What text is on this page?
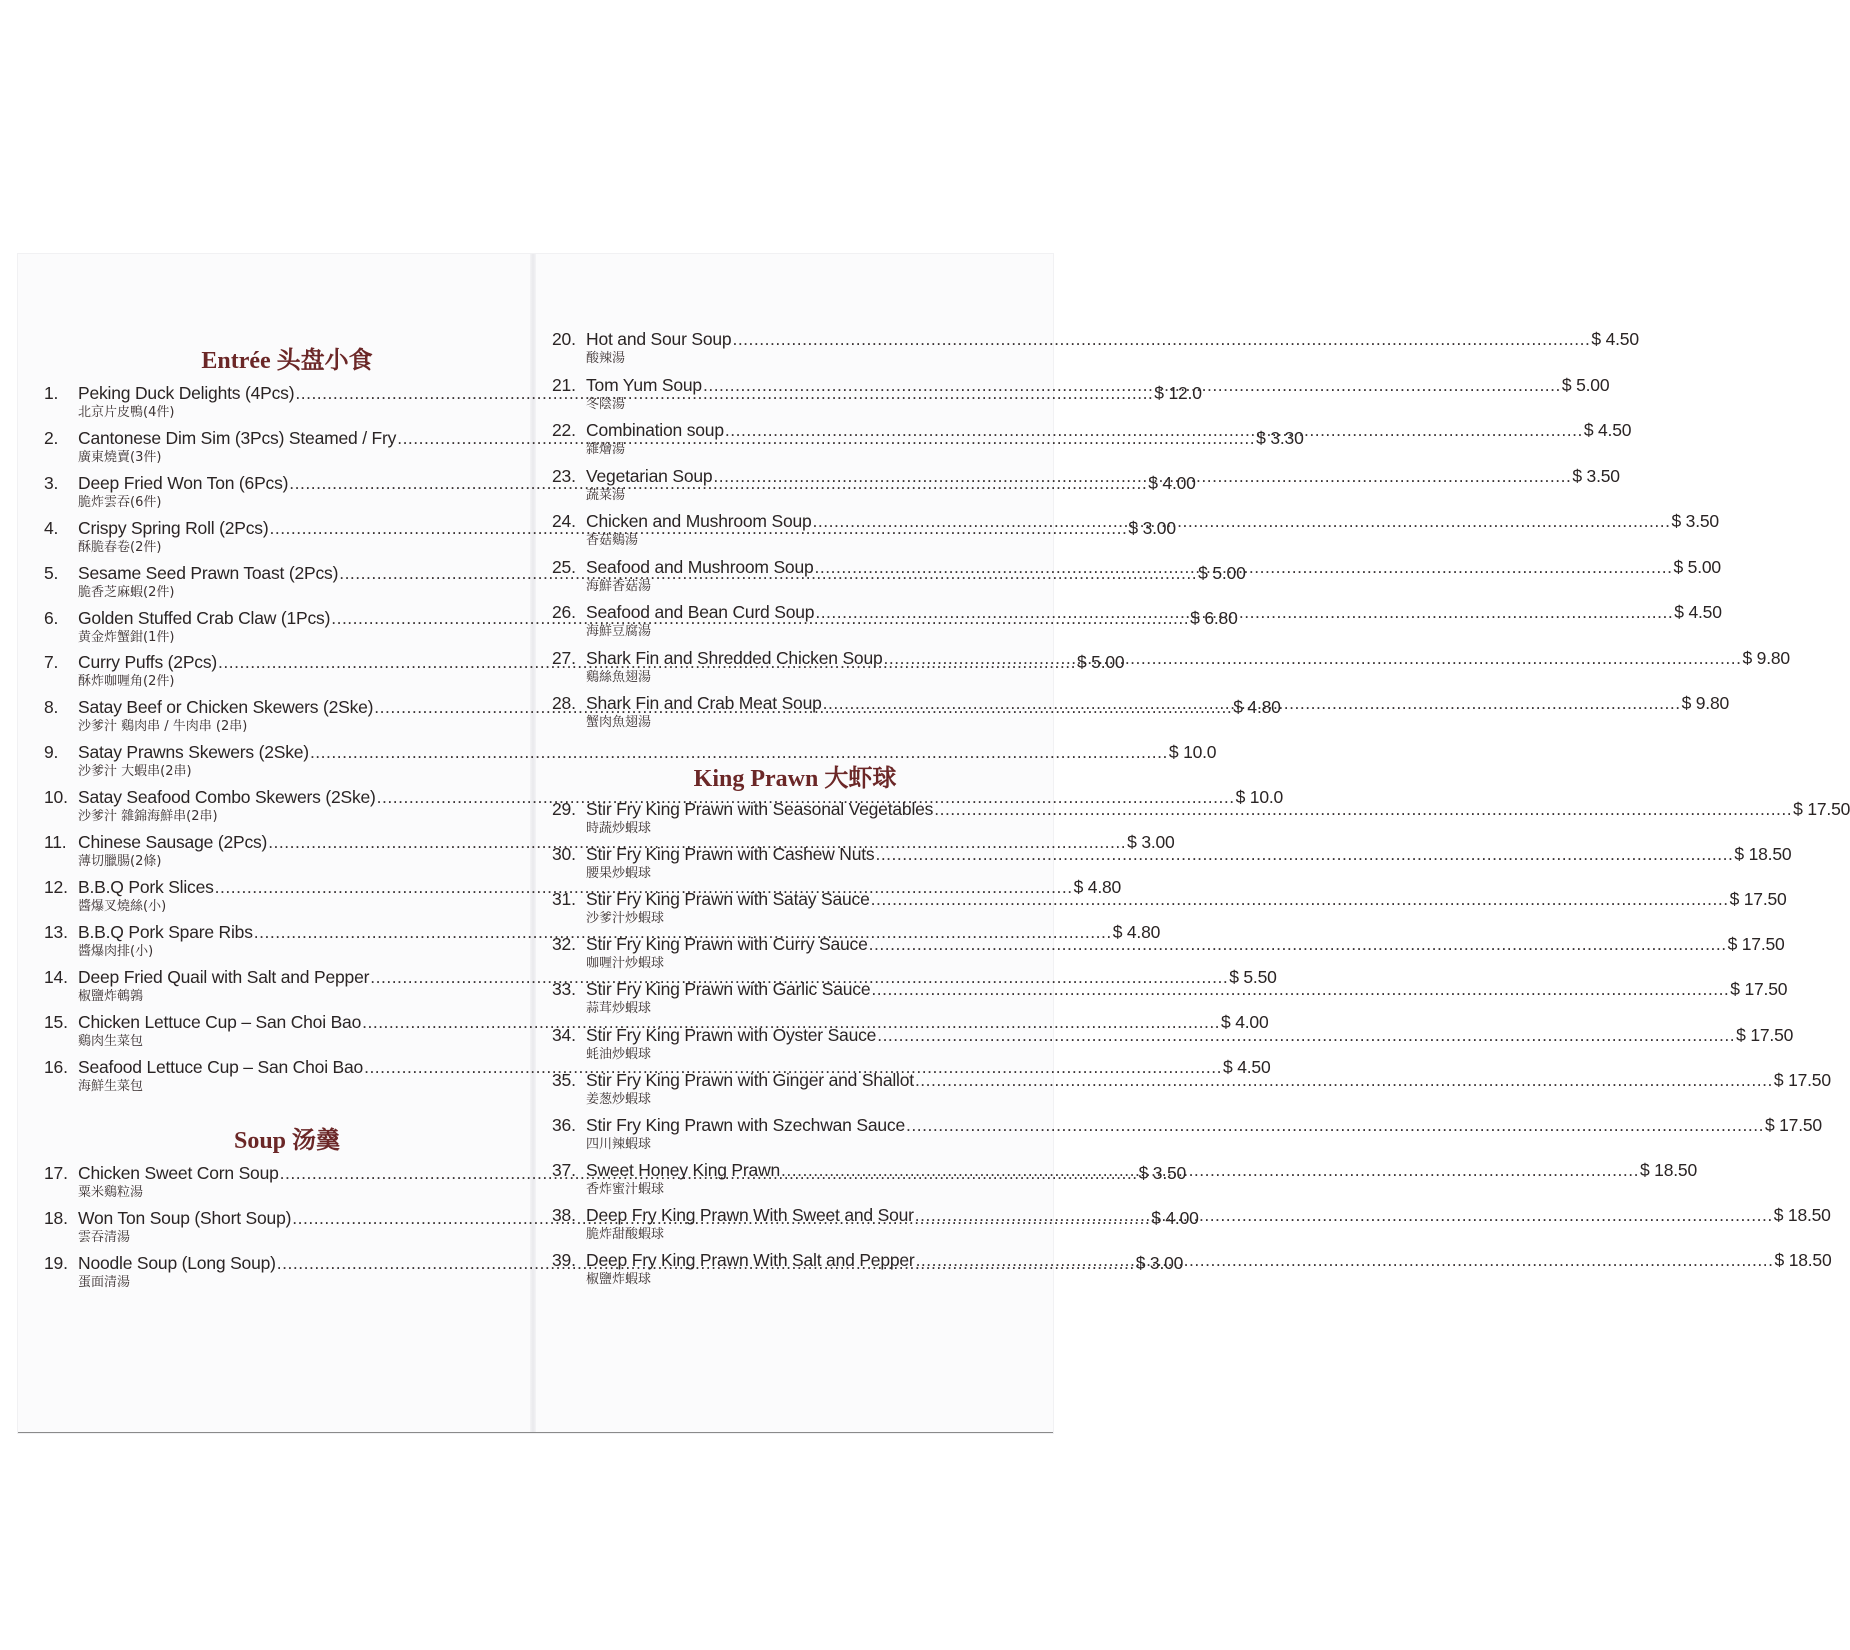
Entrée 头盘小食
1.	Peking Duck Delights (4Pcs) .....	$ 12.0
北京片皮鴨(4件)
2.	Cantonese Dim Sim (3Pcs) Steamed / Fry .....	$ 3.30
廣東燒賣(3件)
3.	Deep Fried Won Ton (6Pcs) .....	$ 4.00
脆炸雲吞(6件)
4.	Crispy Spring Roll (2Pcs) .....	$ 3.00
酥脆春卷(2件)
5.	Sesame Seed Prawn Toast (2Pcs) .....	$ 5.00
脆香芝麻蝦(2件)
6.	Golden Stuffed Crab Claw (1Pcs) .....	$ 6.80
黄金炸蟹鉗(1件)
7.	Curry Puffs (2Pcs) .....	$ 5.00
酥炸咖喱角(2件)
8.	Satay Beef or Chicken Skewers (2Ske) .....	$ 4.80
沙爹汁 鷄肉串 / 牛肉串 (2串)
9.	Satay Prawns Skewers (2Ske) .....	$ 10.0
沙爹汁 大蝦串(2串)
10. Satay Seafood Combo Skewers (2Ske) .....	$ 10.0
沙爹汁 雜錦海鮮串(2串)
11. Chinese Sausage (2Pcs) .....	$ 3.00
薄切臘腸(2條)
12. B.B.Q Pork Slices .....	$ 4.80
醬爆叉燒絲(小)
13. B.B.Q Pork Spare Ribs .....	$ 4.80
醬爆肉排(小)
14. Deep Fried Quail with Salt and Pepper .....	$ 5.50
椒鹽炸鵪鶉
15. Chicken Lettuce Cup – San Choi Bao .....	$ 4.00
鷄肉生菜包
16. Seafood Lettuce Cup – San Choi Bao .....	$ 4.50
海鮮生菜包
Soup 汤羹
17. Chicken Sweet Corn Soup .....	$ 3.50
粟米鷄粒湯
18. Won Ton Soup (Short Soup) .....	$ 4.00
雲吞清湯
19. Noodle Soup (Long Soup) .....	$ 3.00
蛋面清湯
20. Hot and Sour Soup .....	$ 4.50
酸辣湯
21. Tom Yum Soup .....	$ 5.00
冬陰湯
22. Combination soup .....	$ 4.50
雜燴湯
23. Vegetarian Soup .....	$ 3.50
蔬菜湯
24. Chicken and Mushroom Soup .....	$ 3.50
香菇鷄湯
25. Seafood and Mushroom Soup .....	$ 5.00
海鮮香菇湯
26. Seafood and Bean Curd Soup .....	$ 4.50
海鮮豆腐湯
27. Shark Fin and Shredded Chicken Soup .....	$ 9.80
鷄絲魚翅湯
28. Shark Fin and Crab Meat Soup .....	$ 9.80
蟹肉魚翅湯
King Prawn 大虾球
29. Stir Fry King Prawn with Seasonal Vegetables .....	$ 17.50
時蔬炒蝦球
30. Stir Fry King Prawn with Cashew Nuts .....	$ 18.50
腰果炒蝦球
31. Stir Fry King Prawn with Satay Sauce .....	$ 17.50
沙爹汁炒蝦球
32. Stir Fry King Prawn with Curry Sauce .....	$ 17.50
咖喱汁炒蝦球
33. Stir Fry King Prawn with Garlic Sauce .....	$ 17.50
蒜茸炒蝦球
34. Stir Fry King Prawn with Oyster Sauce .....	$ 17.50
蚝油炒蝦球
35. Stir Fry King Prawn with Ginger and Shallot .....	$ 17.50
姜葱炒蝦球
36. Stir Fry King Prawn with Szechwan Sauce .....	$ 17.50
四川辣蝦球
37. Sweet Honey King Prawn .....	$ 18.50
香炸蜜汁蝦球
38. Deep Fry King Prawn With Sweet and Sour .....	$ 18.50
脆炸甜酸蝦球
39. Deep Fry King Prawn With Salt and Pepper .....	$ 18.50
椒鹽炸蝦球
